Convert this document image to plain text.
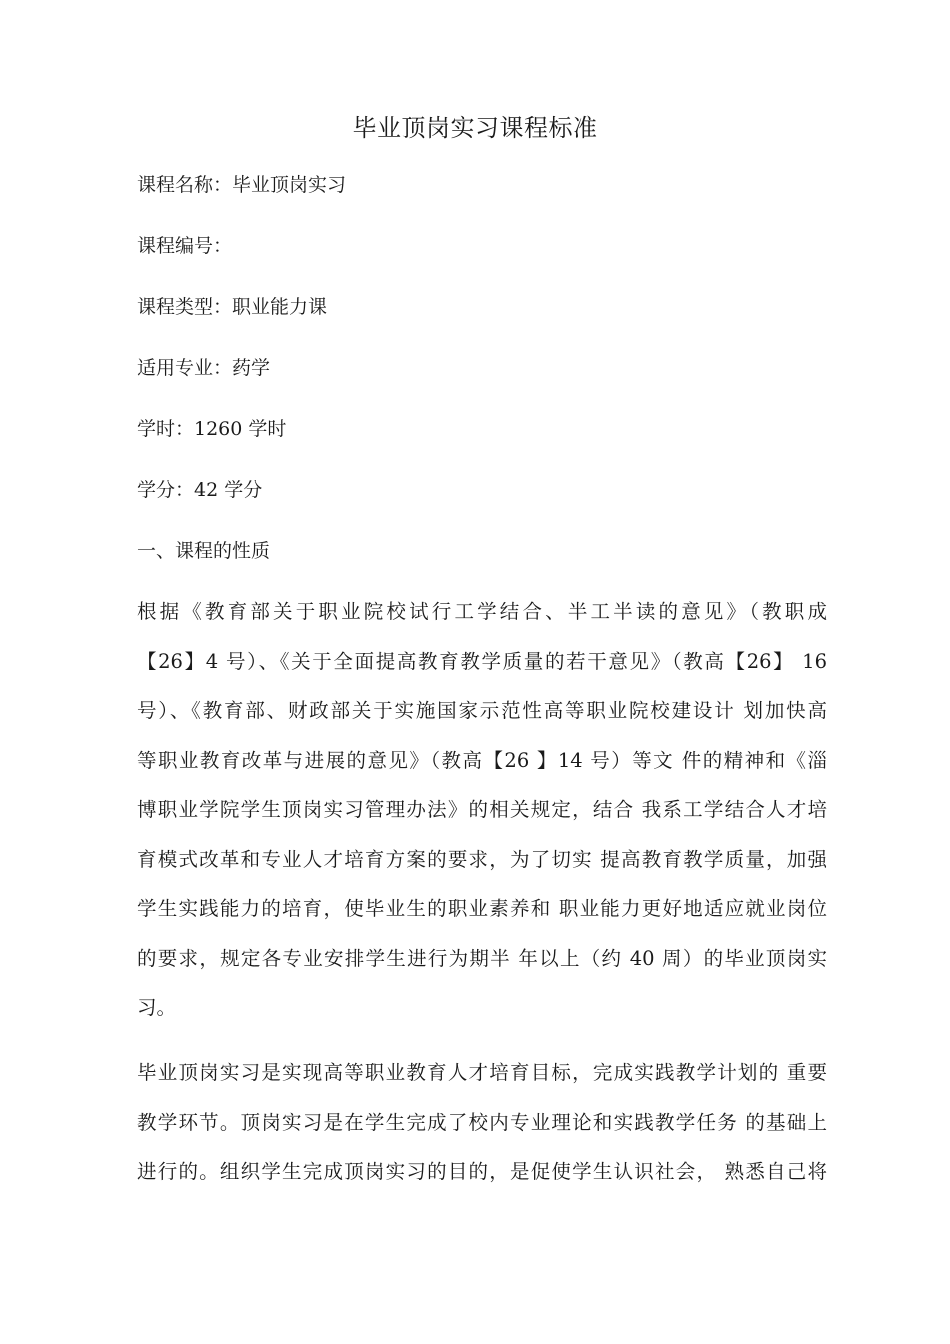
毕业顶岗实习课程标准
课程名称：毕业顶岗实习
课程编号：
课程类型：职业能力课
适用专业：药学
学时：1260 学时
学分：42 学分
一、课程的性质
根据《教育部关于职业院校试行工学结合、半工半读的意见》（教职成
【26】4 号）、《关于全面提高教育教学质量的若干意见》（教高【26】 16
号）、《教育部、财政部关于实施国家示范性高等职业院校建设计 划加快高
等职业教育改革与进展的意见》（教高【26 】14 号）等文 件的精神和《淄
博职业学院学生顶岗实习管理办法》的相关规定，结合 我系工学结合人才培
育模式改革和专业人才培育方案的要求，为了切实 提高教育教学质量，加强
学生实践能力的培育，使毕业生的职业素养和 职业能力更好地适应就业岗位
的要求，规定各专业安排学生进行为期半 年以上（约 40 周）的毕业顶岗实
习。
毕业顶岗实习是实现高等职业教育人才培育目标，完成实践教学计划的 重要
教学环节。顶岗实习是在学生完成了校内专业理论和实践教学任务 的基础上
进行的。组织学生完成顶岗实习的目的，是促使学生认识社会， 熟悉自己将
